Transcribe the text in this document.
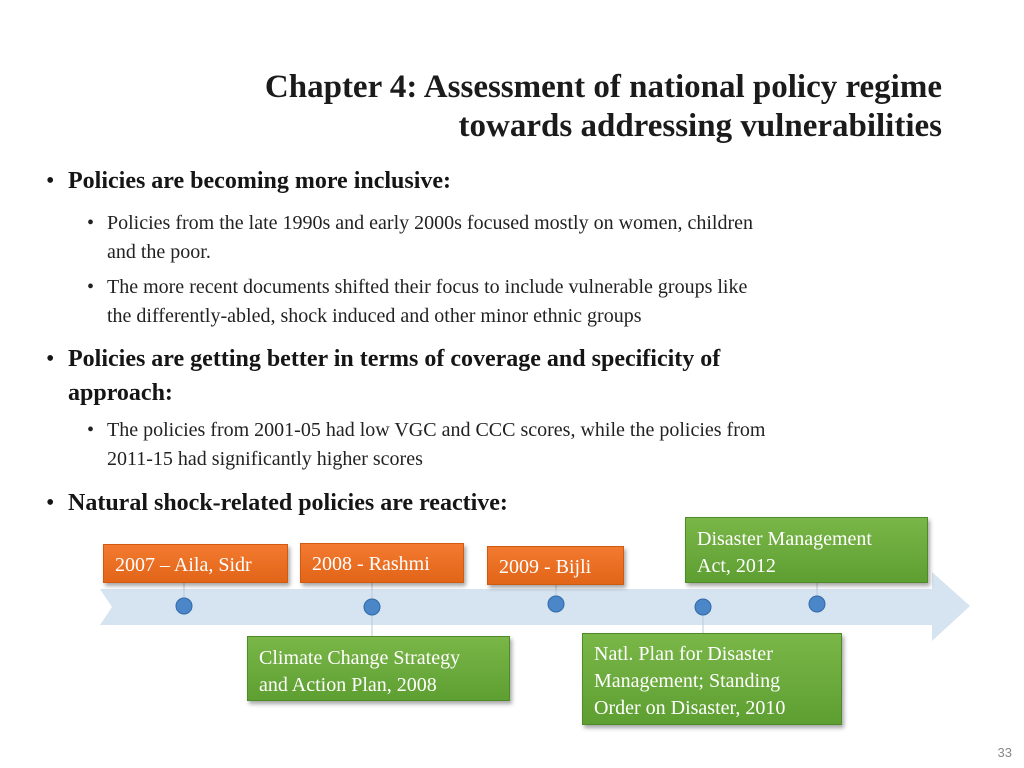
Chapter 4: Assessment of national policy regime
towards addressing vulnerabilities
• Policies are becoming more inclusive:
• Policies from the late 1990s and early 2000s focused mostly on women, children
and the poor.
• The more recent documents shifted their focus to include vulnerable groups like
the differently-abled, shock induced and other minor ethnic groups
• Policies are getting better in terms of coverage and specificity of
approach:
• The policies from 2001-05 had low VGC and CCC scores, while the policies from
2011-15 had significantly higher scores
• Natural shock-related policies are reactive:
2007 – Aila, Sidr	2008 - Rashmi	2009 - Bijli
Disaster Management
Act, 2012
Climate Change Strategy
and Action Plan, 2008
Natl. Plan for Disaster
Management; Standing
Order on Disaster, 2010
33
